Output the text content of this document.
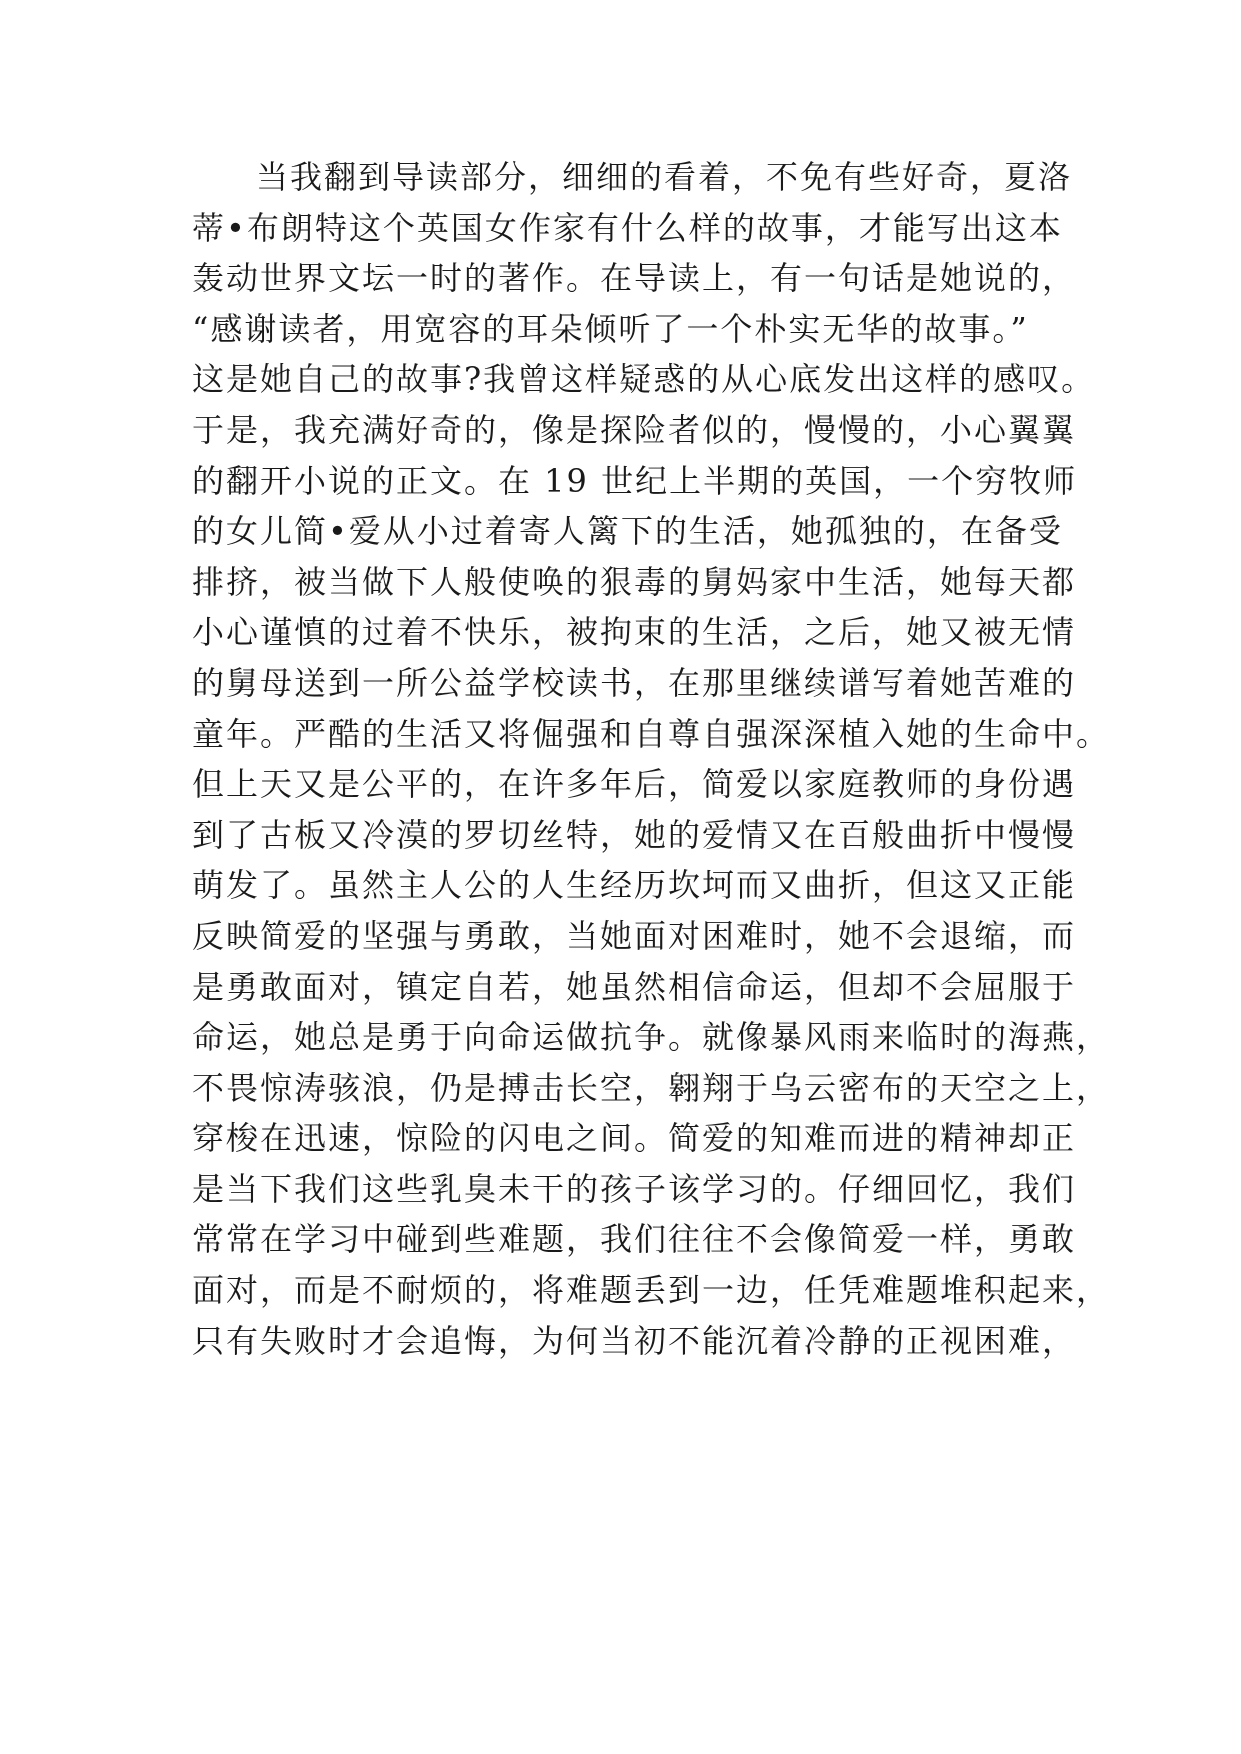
当我翻到导读部分，细细的看着，不免有些好奇，夏洛
蒂•布朗特这个英国女作家有什么样的故事，才能写出这本
轰动世界文坛一时的著作。在导读上，有一句话是她说的，
“感谢读者，用宽容的耳朵倾听了一个朴实无华的故事。”
这是她自己的故事?我曾这样疑惑的从心底发出这样的感叹。
于是，我充满好奇的，像是探险者似的，慢慢的，小心翼翼
的翻开小说的正文。在 19 世纪上半期的英国，一个穷牧师
的女儿简•爱从小过着寄人篱下的生活，她孤独的，在备受
排挤，被当做下人般使唤的狠毒的舅妈家中生活，她每天都
小心谨慎的过着不快乐，被拘束的生活，之后，她又被无情
的舅母送到一所公益学校读书，在那里继续谱写着她苦难的
童年。严酷的生活又将倔强和自尊自强深深植入她的生命中。
但上天又是公平的，在许多年后，简爱以家庭教师的身份遇
到了古板又冷漠的罗切丝特，她的爱情又在百般曲折中慢慢
萌发了。虽然主人公的人生经历坎坷而又曲折，但这又正能
反映简爱的坚强与勇敢，当她面对困难时，她不会退缩，而
是勇敢面对，镇定自若，她虽然相信命运，但却不会屈服于
命运，她总是勇于向命运做抗争。就像暴风雨来临时的海燕，
不畏惊涛骇浪，仍是搏击长空，翱翔于乌云密布的天空之上，
穿梭在迅速，惊险的闪电之间。简爱的知难而进的精神却正
是当下我们这些乳臭未干的孩子该学习的。仔细回忆，我们
常常在学习中碰到些难题，我们往往不会像简爱一样，勇敢
面对，而是不耐烦的，将难题丢到一边，任凭难题堆积起来，
只有失败时才会追悔，为何当初不能沉着冷静的正视困难，
